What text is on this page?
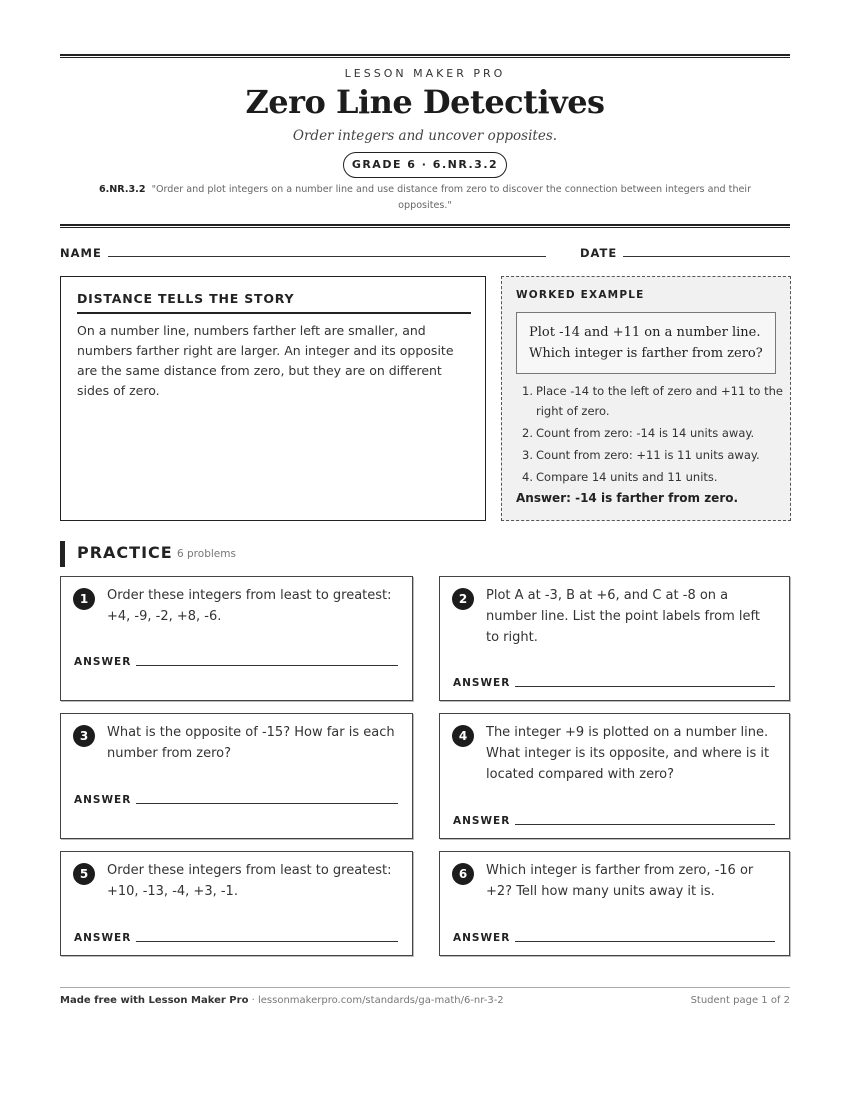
LESSON MAKER PRO
Zero Line Detectives
Order integers and uncover opposites.
GRADE 6 · 6.NR.3.2
6.NR.3.2 "Order and plot integers on a number line and use distance from zero to discover the connection between integers and their opposites."
NAME	DATE
DISTANCE TELLS THE STORY
On a number line, numbers farther left are smaller, and numbers farther right are larger. An integer and its opposite are the same distance from zero, but they are on different sides of zero.
WORKED EXAMPLE
Plot -14 and +11 on a number line. Which integer is farther from zero?
1. Place -14 to the left of zero and +11 to the right of zero.
2. Count from zero: -14 is 14 units away.
3. Count from zero: +11 is 11 units away.
4. Compare 14 units and 11 units.
Answer: -14 is farther from zero.
PRACTICE 6 problems
1	Order these integers from least to greatest: +4, -9, -2, +8, -6.
ANSWER
2	Plot A at -3, B at +6, and C at -8 on a number line. List the point labels from left to right.
ANSWER
3	What is the opposite of -15? How far is each number from zero?
ANSWER
4	The integer +9 is plotted on a number line. What integer is its opposite, and where is it located compared with zero?
ANSWER
5	Order these integers from least to greatest: +10, -13, -4, +3, -1.
ANSWER
6	Which integer is farther from zero, -16 or +2? Tell how many units away it is.
ANSWER
Made free with Lesson Maker Pro · lessonmakerpro.com/standards/ga-math/6-nr-3-2	Student page 1 of 2
